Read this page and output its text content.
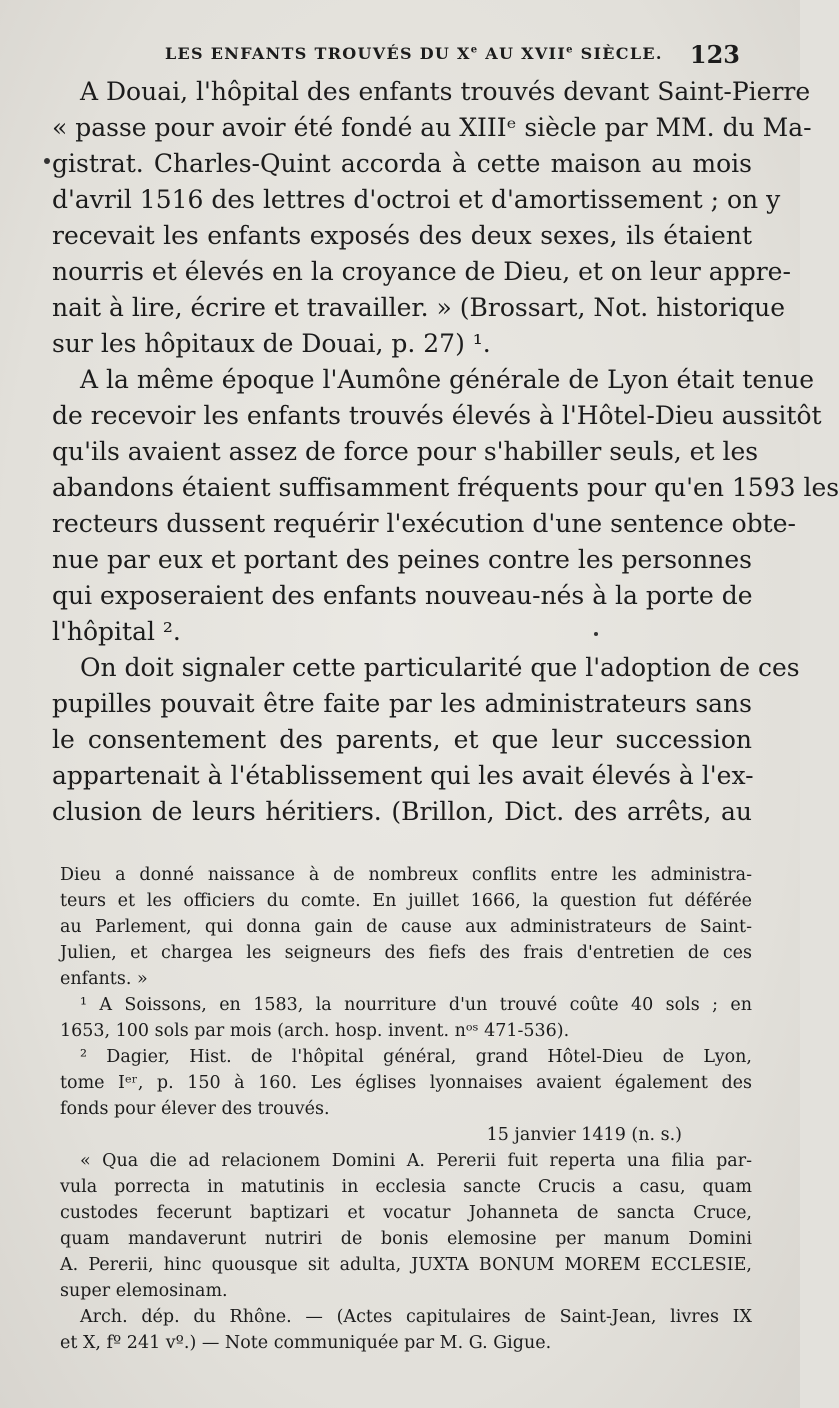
LES ENFANTS TROUVÉS DU Xe AU XVIIe SIÈCLE. 123
A Douai, l'hôpital des enfants trouvés devant Saint-Pierre
« passe pour avoir été fondé au XIIIᵉ siècle par MM. du Ma-
gistrat. Charles-Quint accorda à cette maison au mois
d'avril 1516 des lettres d'octroi et d'amortissement ; on y
recevait les enfants exposés des deux sexes, ils étaient
nourris et élevés en la croyance de Dieu, et on leur appre-
nait à lire, écrire et travailler. » (Brossart, Not. historique
sur les hôpitaux de Douai, p. 27) ¹.
A la même époque l'Aumône générale de Lyon était tenue
de recevoir les enfants trouvés élevés à l'Hôtel-Dieu aussitôt
qu'ils avaient assez de force pour s'habiller seuls, et les
abandons étaient suffisamment fréquents pour qu'en 1593 les
recteurs dussent requérir l'exécution d'une sentence obte-
nue par eux et portant des peines contre les personnes
qui exposeraient des enfants nouveau-nés à la porte de
l'hôpital ².
On doit signaler cette particularité que l'adoption de ces
pupilles pouvait être faite par les administrateurs sans
le consentement des parents, et que leur succession
appartenait à l'établissement qui les avait élevés à l'ex-
clusion de leurs héritiers. (Brillon, Dict. des arrêts, au
Dieu a donné naissance à de nombreux conflits entre les administra-
teurs et les officiers du comte. En juillet 1666, la question fut déférée
au Parlement, qui donna gain de cause aux administrateurs de Saint-
Julien, et chargea les seigneurs des fiefs des frais d'entretien de ces
enfants. »
¹ A Soissons, en 1583, la nourriture d'un trouvé coûte 40 sols ; en
1653, 100 sols par mois (arch. hosp. invent. nᵒˢ 471-536).
² Dagier, Hist. de l'hôpital général, grand Hôtel-Dieu de Lyon,
tome Iᵉʳ, p. 150 à 160. Les églises lyonnaises avaient également des
fonds pour élever des trouvés.
15 janvier 1419 (n. s.)
« Qua die ad relacionem Domini A. Pererii fuit reperta una filia par-
vula porrecta in matutinis in ecclesia sancte Crucis a casu, quam
custodes fecerunt baptizari et vocatur Johanneta de sancta Cruce,
quam mandaverunt nutriri de bonis elemosine per manum Domini
A. Pererii, hinc quousque sit adulta, JUXTA BONUM MOREM ECCLESIE,
super elemosinam.
Arch. dép. du Rhône. — (Actes capitulaires de Saint-Jean, livres IX
et X, fº 241 vº.) — Note communiquée par M. G. Gigue.
